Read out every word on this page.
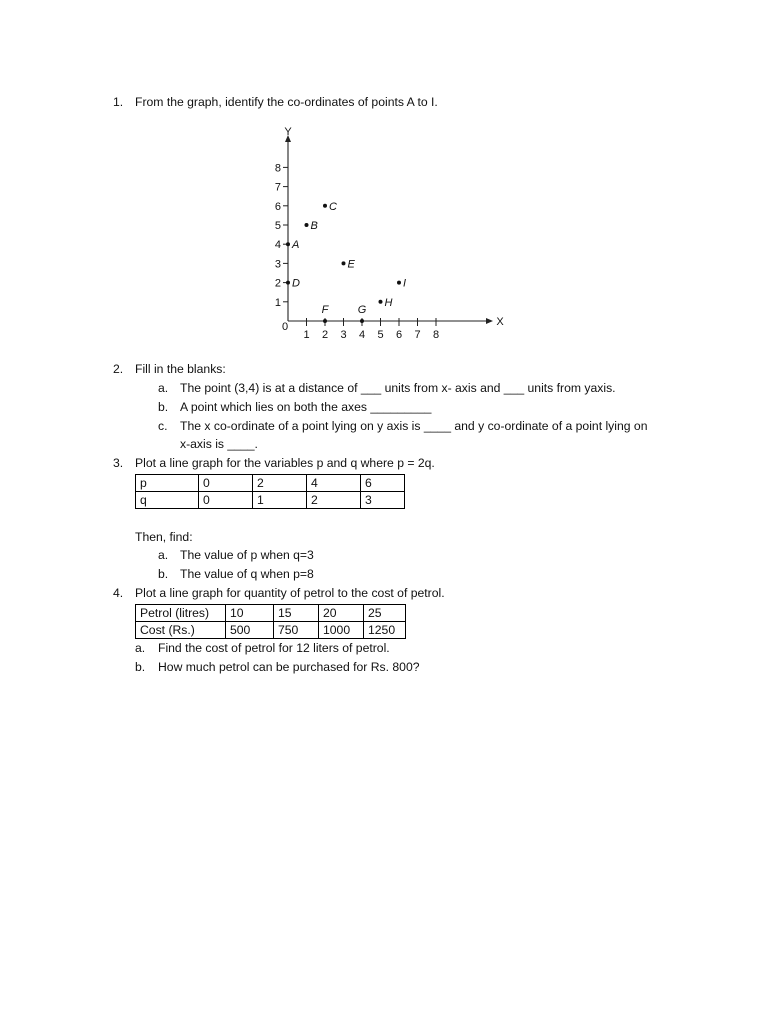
1. From the graph, identify the co-ordinates of points A to I.
X
Y
0
1 2 3 4 5 6 7 8
1
2
3
4
5
6
7
8
A
B
C
D
E
F	G
H
I
2. Fill in the blanks:
a. The point (3,4) is at a distance of ___ units from x- axis and ___ units from yaxis.
b. A point which lies on both the axes _________
c. The x co-ordinate of a point lying on y axis is ____ and y co-ordinate of a point lying on
x-axis is ____.
3. Plot a line graph for the variables p and q where p = 2q.
p	0	2	4	6
q	0	1	2	3
Then, find:
a. The value of p when q=3
b. The value of q when p=8
4. Plot a line graph for quantity of petrol to the cost of petrol.
Petrol (litres)	10	15	20	25
Cost (Rs.)	500	750	1000	1250
a. Find the cost of petrol for 12 liters of petrol.
b. How much petrol can be purchased for Rs. 800?
